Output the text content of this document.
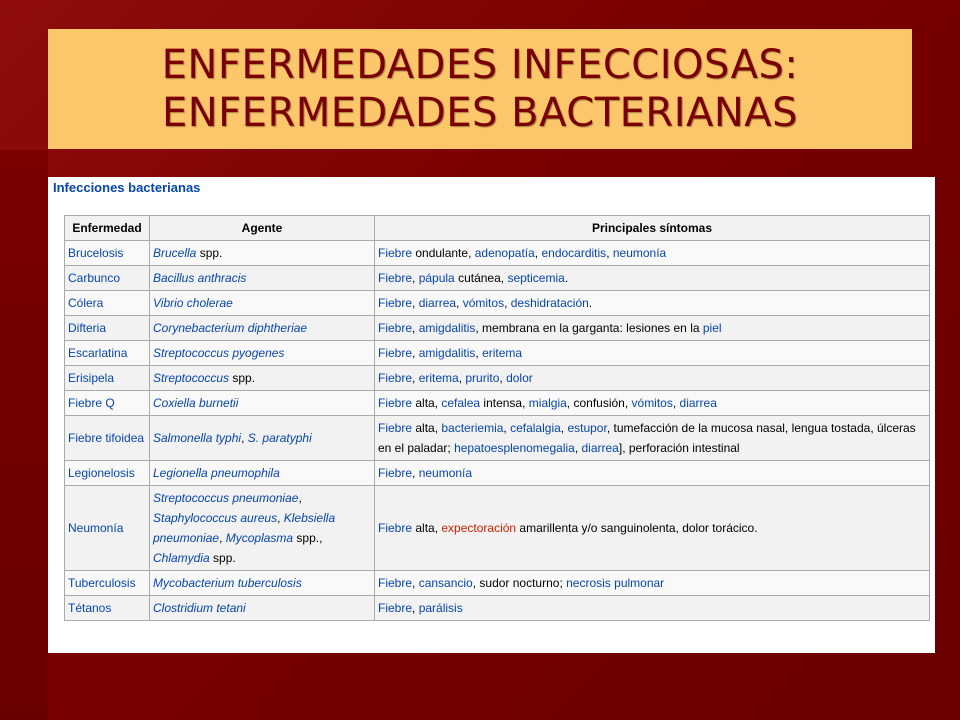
ENFERMEDADES INFECCIOSAS:
ENFERMEDADES BACTERIANAS
Infecciones bacterianas
Enfermedad	Agente	Principales síntomas
Brucelosis	Brucella spp.	Fiebre ondulante, adenopatía, endocarditis, neumonía
Carbunco	Bacillus anthracis	Fiebre, pápula cutánea, septicemia.
Cólera	Vibrio cholerae	Fiebre, diarrea, vómitos, deshidratación.
Difteria	Corynebacterium diphtheriae	Fiebre, amigdalitis, membrana en la garganta: lesiones en la piel
Escarlatina	Streptococcus pyogenes	Fiebre, amigdalitis, eritema
Erisipela	Streptococcus spp.	Fiebre, eritema, prurito, dolor
Fiebre Q	Coxiella burnetii	Fiebre alta, cefalea intensa, mialgia, confusión, vómitos, diarrea
Fiebre tifoidea	Salmonella typhi, S. paratyphi	Fiebre alta, bacteriemia, cefalalgia, estupor, tumefacción de la mucosa nasal, lengua tostada, úlceras en el paladar; hepatoesplenomegalia, diarrea], perforación intestinal
Legionelosis	Legionella pneumophila	Fiebre, neumonía
Neumonía	Streptococcus pneumoniae, Staphylococcus aureus, Klebsiella pneumoniae, Mycoplasma spp., Chlamydia spp.	Fiebre alta, expectoración amarillenta y/o sanguinolenta, dolor torácico.
Tuberculosis	Mycobacterium tuberculosis	Fiebre, cansancio, sudor nocturno; necrosis pulmonar
Tétanos	Clostridium tetani	Fiebre, parálisis
